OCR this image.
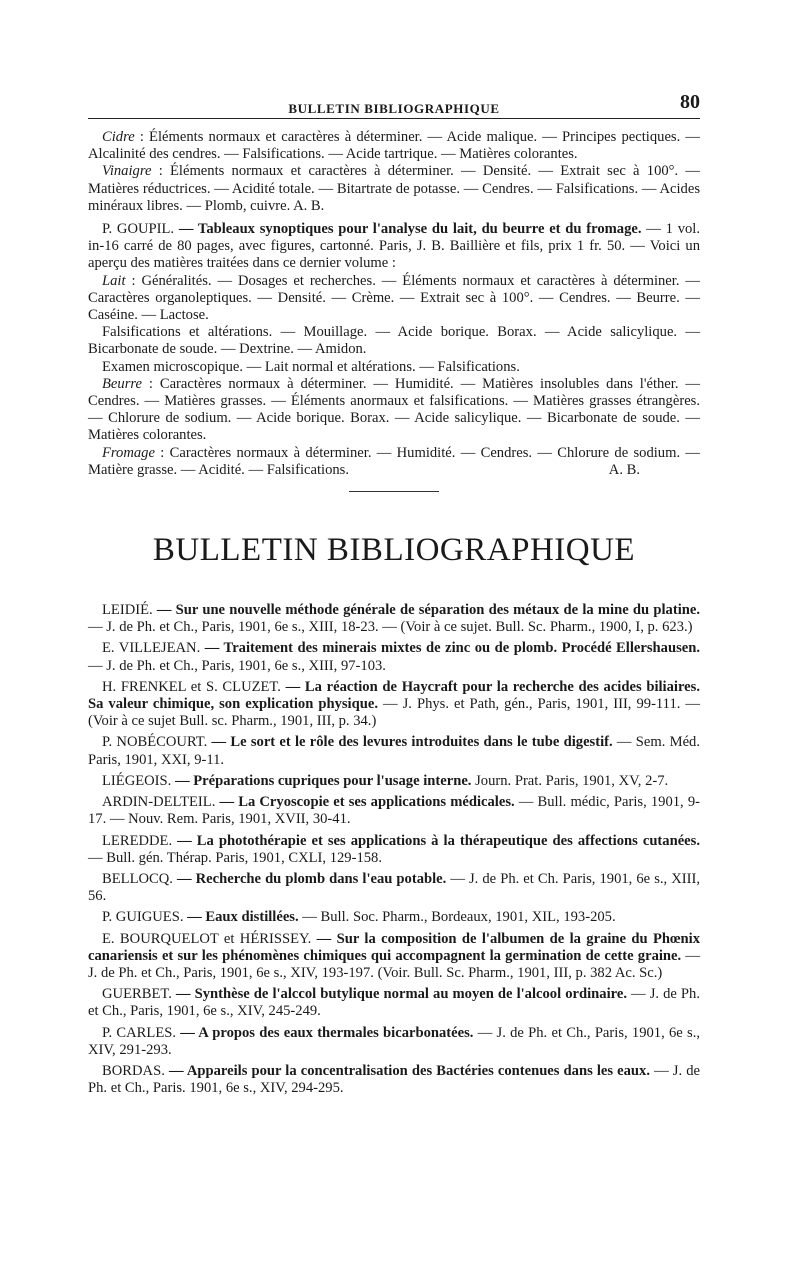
BULLETIN BIBLIOGRAPHIQUE	80

Cidre : Éléments normaux et caractères à déterminer. — Acide malique. — Principes pectiques. — Alcalinité des cendres. — Falsifications. — Acide tartrique. — Matières colorantes.

Vinaigre : Éléments normaux et caractères à déterminer. — Densité. — Extrait sec à 100°. — Matières réductrices. — Acidité totale. — Bitartrate de potasse. — Cendres. — Falsifications. — Acides minéraux libres. — Plomb, cuivre. A. B.

P. GOUPIL. — Tableaux synoptiques pour l'analyse du lait, du beurre et du fromage. — 1 vol. in-16 carré de 80 pages, avec figures, cartonné. Paris, J. B. Baillière et fils, prix 1 fr. 50. — Voici un aperçu des matières traitées dans ce dernier volume :

Lait : Généralités. — Dosages et recherches. — Éléments normaux et caractères à déterminer. — Caractères organoleptiques. — Densité. — Crème. — Extrait sec à 100°. — Cendres. — Beurre. — Caséine. — Lactose.

Falsifications et altérations. — Mouillage. — Acide borique. Borax. — Acide salicylique. — Bicarbonate de soude. — Dextrine. — Amidon.

Examen microscopique. — Lait normal et altérations. — Falsifications.

Beurre : Caractères normaux à déterminer. — Humidité. — Matières insolubles dans l'éther. — Cendres. — Matières grasses. — Éléments anormaux et falsifications. — Matières grasses étrangères. — Chlorure de sodium. — Acide borique. Borax. — Acide salicylique. — Bicarbonate de soude. — Matières colorantes.

Fromage : Caractères normaux à déterminer. — Humidité. — Cendres. — Chlorure de sodium. — Matière grasse. — Acidité. — Falsifications.	A. B.

BULLETIN BIBLIOGRAPHIQUE

LEIDIÉ. — Sur une nouvelle méthode générale de séparation des métaux de la mine du platine. — J. de Ph. et Ch., Paris, 1901, 6e s., XIII, 18-23. — (Voir à ce sujet. Bull. Sc. Pharm., 1900, I, p. 623.)

E. VILLEJEAN. — Traitement des minerais mixtes de zinc ou de plomb. Procédé Ellershausen. — J. de Ph. et Ch., Paris, 1901, 6e s., XIII, 97-103.

H. FRENKEL et S. CLUZET. — La réaction de Haycraft pour la recherche des acides biliaires. Sa valeur chimique, son explication physique. — J. Phys. et Path, gén., Paris, 1901, III, 99-111. — (Voir à ce sujet Bull. sc. Pharm., 1901, III, p. 34.)

P. NOBÉCOURT. — Le sort et le rôle des levures introduites dans le tube digestif. — Sem. Méd. Paris, 1901, XXI, 9-11.

LIÉGEOIS. — Préparations cupriques pour l'usage interne. Journ. Prat. Paris, 1901, XV, 2-7.

ARDIN-DELTEIL. — La Cryoscopie et ses applications médicales. — Bull. médic, Paris, 1901, 9-17. — Nouv. Rem. Paris, 1901, XVII, 30-41.

LEREDDE. — La photothérapie et ses applications à la thérapeutique des affections cutanées. — Bull. gén. Thérap. Paris, 1901, CXLI, 129-158.

BELLOCQ. — Recherche du plomb dans l'eau potable. — J. de Ph. et Ch. Paris, 1901, 6e s., XIII, 56.

P. GUIGUES. — Eaux distillées. — Bull. Soc. Pharm., Bordeaux, 1901, XIL, 193-205.

E. BOURQUELOT et HÉRISSEY. — Sur la composition de l'albumen de la graine du Phœnix canariensis et sur les phénomènes chimiques qui accompagnent la germination de cette graine. — J. de Ph. et Ch., Paris, 1901, 6e s., XIV, 193-197. (Voir. Bull. Sc. Pharm., 1901, III, p. 382 Ac. Sc.)

GUERBET. — Synthèse de l'alccol butylique normal au moyen de l'alcool ordinaire. — J. de Ph. et Ch., Paris, 1901, 6e s., XIV, 245-249.

P. CARLES. — A propos des eaux thermales bicarbonatées. — J. de Ph. et Ch., Paris, 1901, 6e s., XIV, 291-293.

BORDAS. — Appareils pour la concentralisation des Bactéries contenues dans les eaux. — J. de Ph. et Ch., Paris. 1901, 6e s., XIV, 294-295.
